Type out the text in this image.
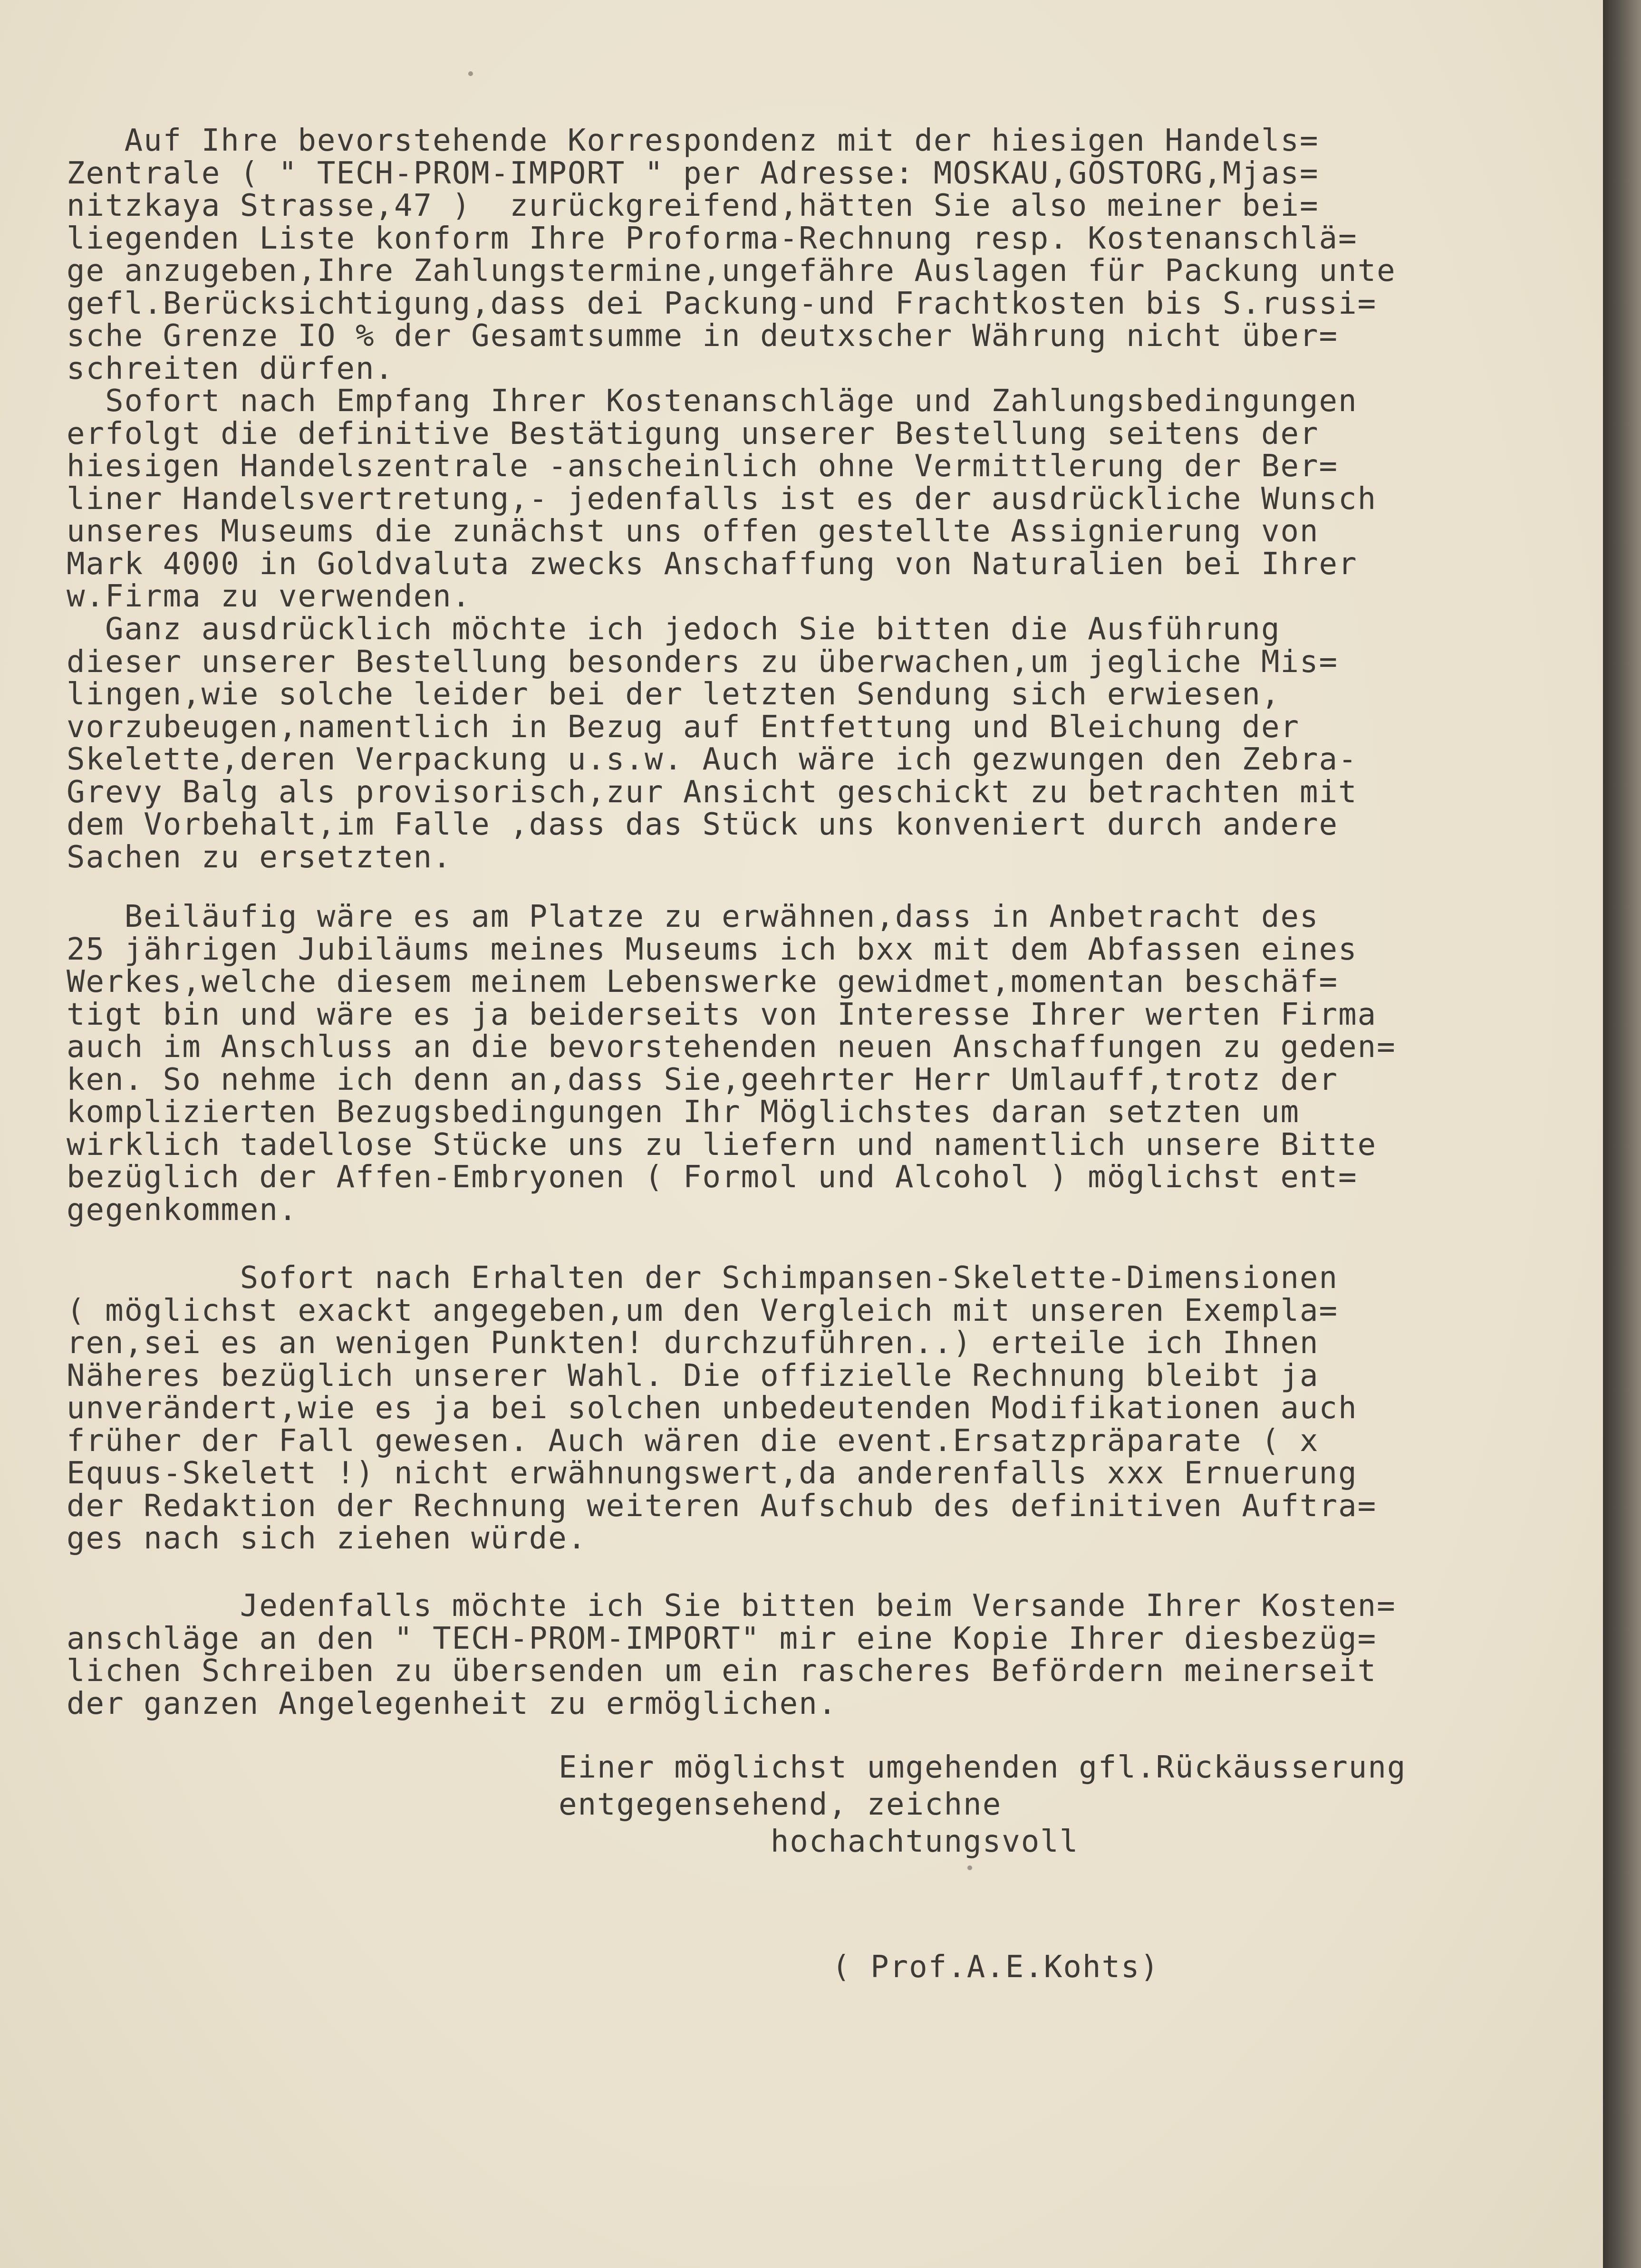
Auf Ihre bevorstehende Korrespondenz mit der hiesigen Handels=
Zentrale ( " TECH-PROM-IMPORT " per Adresse: MOSKAU,GOSTORG,Mjas=
nitzkaya Strasse,47 )  zurückgreifend,hätten Sie also meiner bei=
liegenden Liste konform Ihre Proforma-Rechnung resp. Kostenanschlä=
ge anzugeben,Ihre Zahlungstermine,ungefähre Auslagen für Packung unte
gefl.Berücksichtigung,dass dei Packung-und Frachtkosten bis S.russi=
sche Grenze IO % der Gesamtsumme in deutxscher Währung nicht über=
schreiten dürfen.
Sofort nach Empfang Ihrer Kostenanschläge und Zahlungsbedingungen
erfolgt die definitive Bestätigung unserer Bestellung seitens der
hiesigen Handelszentrale -anscheinlich ohne Vermittlerung der Ber=
liner Handelsvertretung,- jedenfalls ist es der ausdrückliche Wunsch
unseres Museums die zunächst uns offen gestellte Assignierung von
Mark 4000 in Goldvaluta zwecks Anschaffung von Naturalien bei Ihrer
w.Firma zu verwenden.
Ganz ausdrücklich möchte ich jedoch Sie bitten die Ausführung
dieser unserer Bestellung besonders zu überwachen,um jegliche Mis=
lingen,wie solche leider bei der letzten Sendung sich erwiesen,
vorzubeugen,namentlich in Bezug auf Entfettung und Bleichung der
Skelette,deren Verpackung u.s.w. Auch wäre ich gezwungen den Zebra-
Grevy Balg als provisorisch,zur Ansicht geschickt zu betrachten mit
dem Vorbehalt,im Falle ,dass das Stück uns konveniert durch andere
Sachen zu ersetzten.
Beiläufig wäre es am Platze zu erwähnen,dass in Anbetracht des
25 jährigen Jubiläums meines Museums ich bxx mit dem Abfassen eines
Werkes,welche diesem meinem Lebenswerke gewidmet,momentan beschäf=
tigt bin und wäre es ja beiderseits von Interesse Ihrer werten Firma
auch im Anschluss an die bevorstehenden neuen Anschaffungen zu geden=
ken. So nehme ich denn an,dass Sie,geehrter Herr Umlauff,trotz der
komplizierten Bezugsbedingungen Ihr Möglichstes daran setzten um
wirklich tadellose Stücke uns zu liefern und namentlich unsere Bitte
bezüglich der Affen-Embryonen ( Formol und Alcohol ) möglichst ent=
gegenkommen.
Sofort nach Erhalten der Schimpansen-Skelette-Dimensionen
( möglichst exackt angegeben,um den Vergleich mit unseren Exempla=
ren,sei es an wenigen Punkten! durchzuführen..) erteile ich Ihnen
Näheres bezüglich unserer Wahl. Die offizielle Rechnung bleibt ja
unverändert,wie es ja bei solchen unbedeutenden Modifikationen auch
früher der Fall gewesen. Auch wären die event.Ersatzpräparate ( x
Equus-Skelett !) nicht erwähnungswert,da anderenfalls xxx Ernuerung
der Redaktion der Rechnung weiteren Aufschub des definitiven Auftra=
ges nach sich ziehen würde.
Jedenfalls möchte ich Sie bitten beim Versande Ihrer Kosten=
anschläge an den " TECH-PROM-IMPORT" mir eine Kopie Ihrer diesbezüg=
lichen Schreiben zu übersenden um ein rascheres Befördern meinerseit
der ganzen Angelegenheit zu ermöglichen.
Einer möglichst umgehenden gfl.Rückäusserung
entgegensehend, zeichne
hochachtungsvoll
( Prof.A.E.Kohts)
